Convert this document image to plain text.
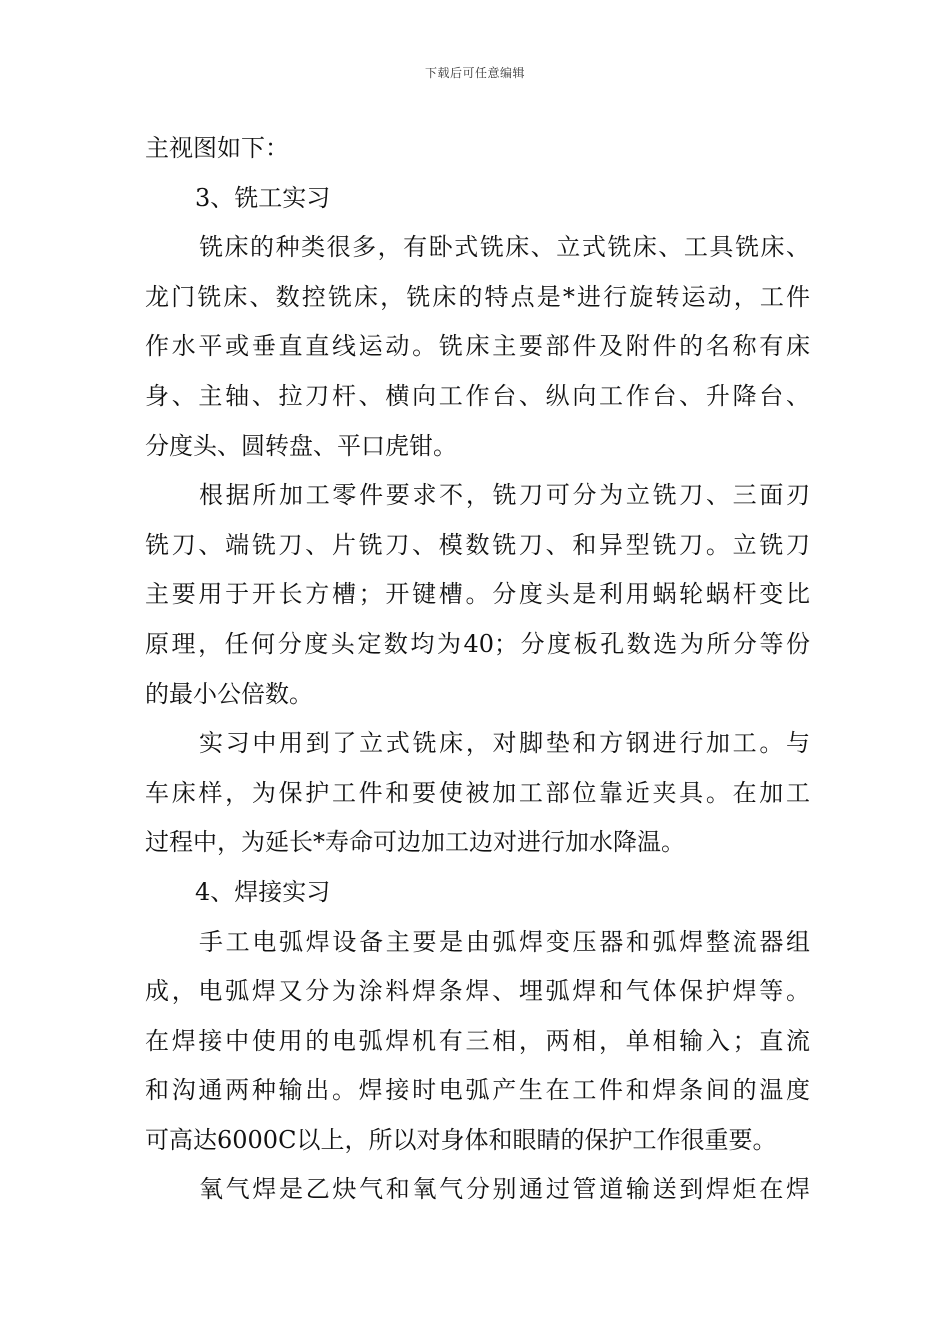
下载后可任意编辑
主视图如下：
3、铣工实习
铣床的种类很多，有卧式铣床、立式铣床、工具铣床、
龙门铣床、数控铣床，铣床的特点是*进行旋转运动，工件
作水平或垂直直线运动。铣床主要部件及附件的名称有床
身、主轴、拉刀杆、横向工作台、纵向工作台、升降台、
分度头、圆转盘、平口虎钳。
根据所加工零件要求不，铣刀可分为立铣刀、三面刃
铣刀、端铣刀、片铣刀、模数铣刀、和异型铣刀。立铣刀
主要用于开长方槽；开键槽。分度头是利用蜗轮蜗杆变比
原理，任何分度头定数均为40；分度板孔数选为所分等份
的最小公倍数。
实习中用到了立式铣床，对脚垫和方钢进行加工。与
车床样，为保护工件和要使被加工部位靠近夹具。在加工
过程中，为延长*寿命可边加工边对进行加水降温。
4、焊接实习
手工电弧焊设备主要是由弧焊变压器和弧焊整流器组
成，电弧焊又分为涂料焊条焊、埋弧焊和气体保护焊等。
在焊接中使用的电弧焊机有三相，两相，单相输入；直流
和沟通两种输出。焊接时电弧产生在工件和焊条间的温度
可高达6000C以上，所以对身体和眼睛的保护工作很重要。
氧气焊是乙炔气和氧气分别通过管道输送到焊炬在焊
